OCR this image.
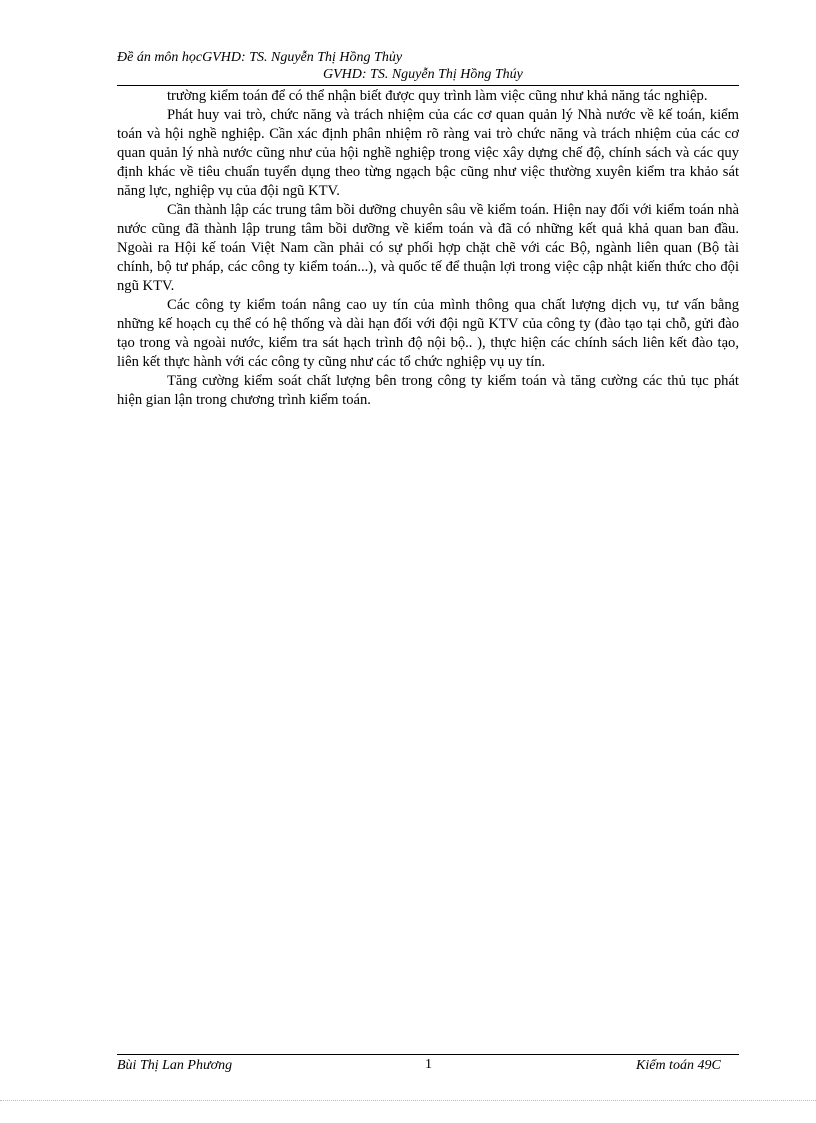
Đề án môn họcGVHD: TS. Nguyễn Thị Hồng Thủy
GVHD: TS. Nguyễn Thị Hồng Thúy

trường kiểm toán để có thể nhận biết được quy trình làm việc cũng như khả năng tác nghiệp.

Phát huy vai trò, chức năng và trách nhiệm của các cơ quan quản lý Nhà nước về kế toán, kiểm toán và hội nghề nghiệp. Cần xác định phân nhiệm rõ ràng vai trò chức năng và trách nhiệm của các cơ quan quản lý nhà nước cũng như của hội nghề nghiệp trong việc xây dựng chế độ, chính sách và các quy định khác về tiêu chuẩn tuyển dụng theo từng ngạch bậc cũng như việc thường xuyên kiểm tra khảo sát năng lực, nghiệp vụ của đội ngũ KTV.

Cần thành lập các trung tâm bồi dưỡng chuyên sâu về kiểm toán. Hiện nay đối với kiểm toán nhà nước cũng đã thành lập trung tâm bồi dưỡng về kiểm toán và đã có những kết quả khả quan ban đầu. Ngoài ra Hội kế toán Việt Nam cần phải có sự phối hợp chặt chẽ với các Bộ, ngành liên quan (Bộ tài chính, bộ tư pháp, các công ty kiểm toán...), và quốc tế để thuận lợi trong việc cập nhật kiến thức cho đội ngũ KTV.

Các công ty kiểm toán nâng cao uy tín của mình thông qua chất lượng dịch vụ, tư vấn bằng những kế hoạch cụ thể có hệ thống và dài hạn đối với đội ngũ KTV của công ty (đào tạo tại chỗ, gửi đào tạo trong và ngoài nước, kiểm tra sát hạch trình độ nội bộ.. ), thực hiện các chính sách liên kết đào tạo, liên kết thực hành với các công ty cũng như các tổ chức nghiệp vụ uy tín.

Tăng cường kiểm soát chất lượng bên trong công ty kiểm toán và tăng cường các thủ tục phát hiện gian lận trong chương trình kiểm toán.

Bùi Thị Lan Phương	1	Kiểm toán 49C
